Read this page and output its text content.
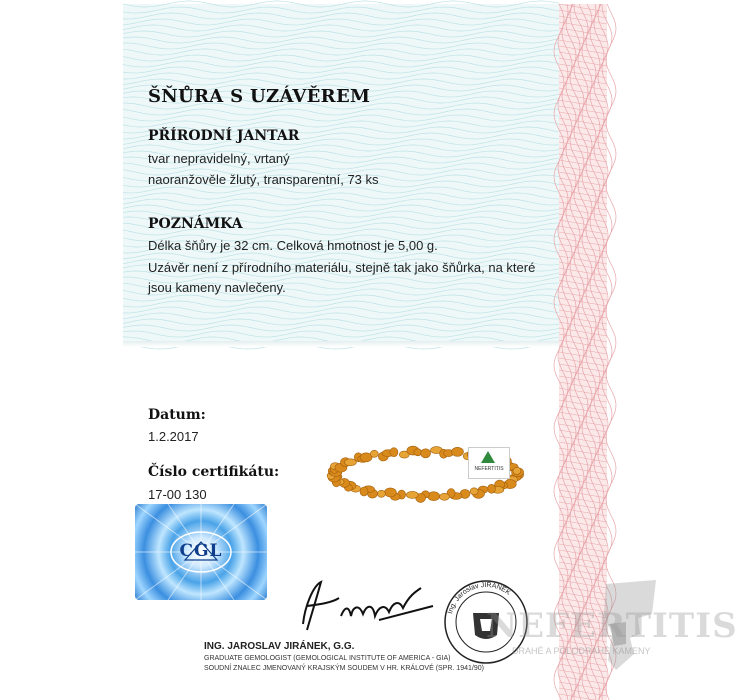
ŠŇŮRA S UZÁVĚREM
PŘÍRODNÍ JANTAR
tvar nepravidelný, vrtaný
naoranžověle žlutý, transparentní, 73 ks
POZNÁMKA
Délka šňůry je 32 cm. Celková hmotnost je 5,00 g.
Uzávěr není z přírodního materiálu, stejně tak jako šňůrka, na které
jsou kameny navlečeny.
Datum:
1.2.2017
Číslo certifikátu:
17-00 130
CGL
NEFERTITIS
ING. JAROSLAV JIRÁNEK, G.G.
GRADUATE GEMOLOGIST (GEMOLOGICAL INSTITUTE OF AMERICA - GIA)
SOUDNÍ ZNALEC JMENOVANÝ KRAJSKÝM SOUDEM V HR. KRÁLOVÉ (SPR. 1941/90)
Ing. Jaroslav JIRÁNEK
NEFERTITIS
DRAHÉ A POLODRAHÉ KAMENY
